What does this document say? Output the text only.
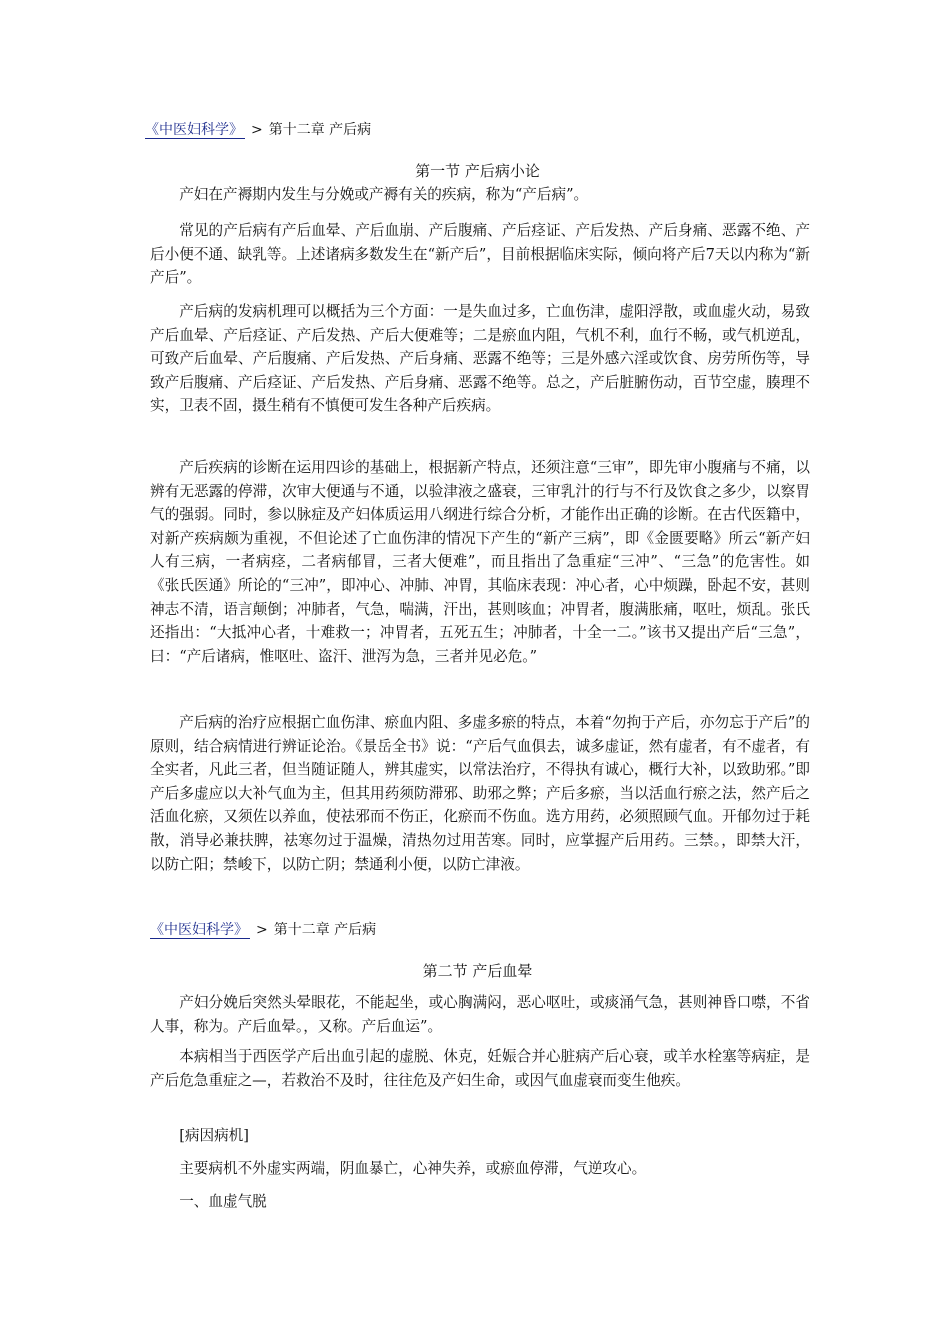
《中医妇科学》 > 第十二章 产后病
第一节 产后病小论

产妇在产褥期内发生与分娩或产褥有关的疾病，称为“产后病”。

常见的产后病有产后血晕、产后血崩、产后腹痛、产后痉证、产后发热、产后身痛、恶露不绝、产后小便不通、缺乳等。上述诸病多数发生在“新产后”，目前根据临床实际，倾向将产后7天以内称为“新产后”。

产后病的发病机理可以概括为三个方面：一是失血过多，亡血伤津，虚阳浮散，或血虚火动，易致产后血晕、产后痉证、产后发热、产后大便难等；二是瘀血内阻，气机不利，血行不畅，或气机逆乱，可致产后血晕、产后腹痛、产后发热、产后身痛、恶露不绝等；三是外感六淫或饮食、房劳所伤等，导致产后腹痛、产后痉证、产后发热、产后身痛、恶露不绝等。总之，产后脏腑伤动，百节空虚，腠理不实，卫表不固，摄生稍有不慎便可发生各种产后疾病。

产后疾病的诊断在运用四诊的基础上，根据新产特点，还须注意“三审”，即先审小腹痛与不痛，以辨有无恶露的停滞，次审大便通与不通，以验津液之盛衰，三审乳汁的行与不行及饮食之多少，以察胃气的强弱。同时，参以脉症及产妇体质运用八纲进行综合分析，才能作出正确的诊断。在古代医籍中，对新产疾病颇为重视，不但论述了亡血伤津的情况下产生的“新产三病”，即《金匮要略》所云“新产妇人有三病，一者病痉，二者病郁冒，三者大便难”，而且指出了急重症“三冲”、“三急”的危害性。如《张氏医通》所论的“三冲”，即冲心、冲肺、冲胃，其临床表现：冲心者，心中烦躁，卧起不安，甚则神志不清，语言颠倒；冲肺者，气急，喘满，汗出，甚则咳血；冲胃者，腹满胀痛，呕吐，烦乱。张氏还指出：“大抵冲心者，十难救一；冲胃者，五死五生；冲肺者，十全一二。”该书又提出产后“三急”，曰：“产后诸病，惟呕吐、盗汗、泄泻为急，三者并见必危。”

产后病的治疗应根据亡血伤津、瘀血内阻、多虚多瘀的特点，本着“勿拘于产后，亦勿忘于产后”的原则，结合病情进行辨证论治。《景岳全书》说：“产后气血俱去，诚多虚证，然有虚者，有不虚者，有全实者，凡此三者，但当随证随人，辨其虚实，以常法治疗，不得执有诚心，概行大补，以致助邪。”即产后多虚应以大补气血为主，但其用药须防滞邪、助邪之弊；产后多瘀，当以活血行瘀之法，然产后之活血化瘀，又须佐以养血，使祛邪而不伤正，化瘀而不伤血。选方用药，必须照顾气血。开郁勿过于耗散，消导必兼扶脾，祛寒勿过于温燥，清热勿过用苦寒。同时，应掌握产后用药。三禁。，即禁大汗，以防亡阳；禁峻下，以防亡阴；禁通利小便，以防亡津液。

《中医妇科学》 > 第十二章 产后病
第二节 产后血晕

产妇分娩后突然头晕眼花，不能起坐，或心胸满闷，恶心呕吐，或痰涌气急，甚则神昏口噤，不省人事，称为。产后血晕。，又称。产后血运”。

本病相当于西医学产后出血引起的虚脱、休克，妊娠合并心脏病产后心衰，或羊水栓塞等病症，是产后危急重症之—，若救治不及时，往往危及产妇生命，或因气血虚衰而变生他疾。

[病因病机]

主要病机不外虚实两端，阴血暴亡，心神失养，或瘀血停滞，气逆攻心。

一、血虚气脱
